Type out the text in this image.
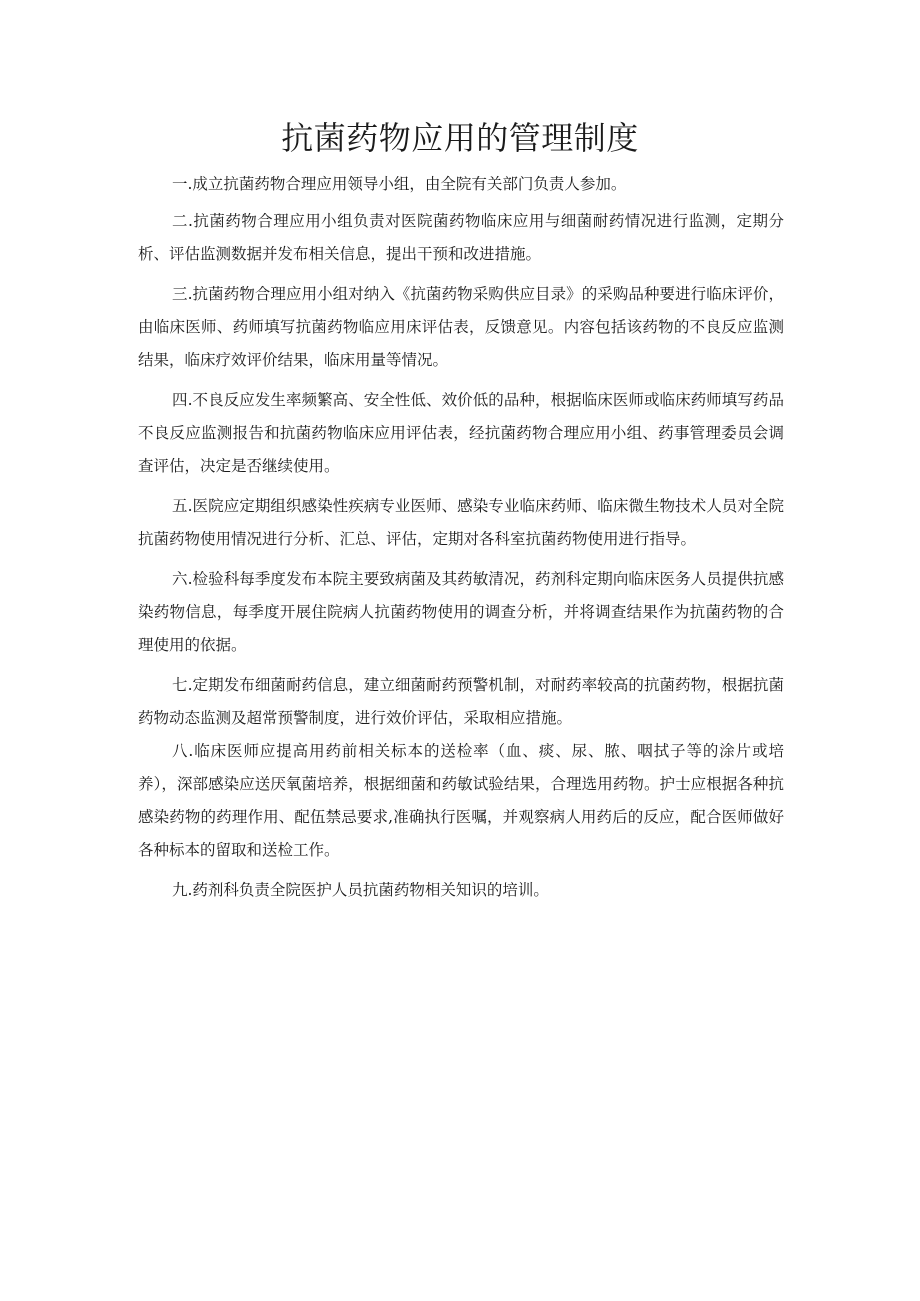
抗菌药物应用的管理制度

一.成立抗菌药物合理应用领导小组，由全院有关部门负责人参加。

二.抗菌药物合理应用小组负责对医院菌药物临床应用与细菌耐药情况进行监测，定期分析、评估监测数据并发布相关信息，提出干预和改进措施。

三.抗菌药物合理应用小组对纳入《抗菌药物采购供应目录》的采购品种要进行临床评价，由临床医师、药师填写抗菌药物临应用床评估表，反馈意见。内容包括该药物的不良反应监测结果，临床疗效评价结果，临床用量等情况。

四.不良反应发生率频繁高、安全性低、效价低的品种，根据临床医师或临床药师填写药品不良反应监测报告和抗菌药物临床应用评估表，经抗菌药物合理应用小组、药事管理委员会调查评估，决定是否继续使用。

五.医院应定期组织感染性疾病专业医师、感染专业临床药师、临床微生物技术人员对全院抗菌药物使用情况进行分析、汇总、评估，定期对各科室抗菌药物使用进行指导。

六.检验科每季度发布本院主要致病菌及其药敏清况，药剂科定期向临床医务人员提供抗感染药物信息，每季度开展住院病人抗菌药物使用的调查分析，并将调查结果作为抗菌药物的合理使用的依据。

七.定期发布细菌耐药信息，建立细菌耐药预警机制，对耐药率较高的抗菌药物，根据抗菌药物动态监测及超常预警制度，进行效价评估，采取相应措施。

八.临床医师应提高用药前相关标本的送检率（血、痰、尿、脓、咽拭子等的涂片或培养），深部感染应送厌氧菌培养，根据细菌和药敏试验结果，合理选用药物。护士应根据各种抗感染药物的药理作用、配伍禁忌要求,准确执行医嘱，并观察病人用药后的反应，配合医师做好各种标本的留取和送检工作。

九.药剂科负责全院医护人员抗菌药物相关知识的培训。
